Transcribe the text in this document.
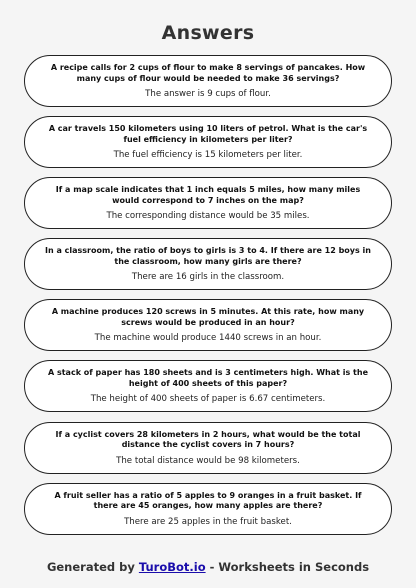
Answers
A recipe calls for 2 cups of flour to make 8 servings of pancakes. How many cups of flour would be needed to make 36 servings?
The answer is 9 cups of flour.
A car travels 150 kilometers using 10 liters of petrol. What is the car's fuel efficiency in kilometers per liter?
The fuel efficiency is 15 kilometers per liter.
If a map scale indicates that 1 inch equals 5 miles, how many miles would correspond to 7 inches on the map?
The corresponding distance would be 35 miles.
In a classroom, the ratio of boys to girls is 3 to 4. If there are 12 boys in the classroom, how many girls are there?
There are 16 girls in the classroom.
A machine produces 120 screws in 5 minutes. At this rate, how many screws would be produced in an hour?
The machine would produce 1440 screws in an hour.
A stack of paper has 180 sheets and is 3 centimeters high. What is the height of 400 sheets of this paper?
The height of 400 sheets of paper is 6.67 centimeters.
If a cyclist covers 28 kilometers in 2 hours, what would be the total distance the cyclist covers in 7 hours?
The total distance would be 98 kilometers.
A fruit seller has a ratio of 5 apples to 9 oranges in a fruit basket. If there are 45 oranges, how many apples are there?
There are 25 apples in the fruit basket.
Generated by TuroBot.io - Worksheets in Seconds
